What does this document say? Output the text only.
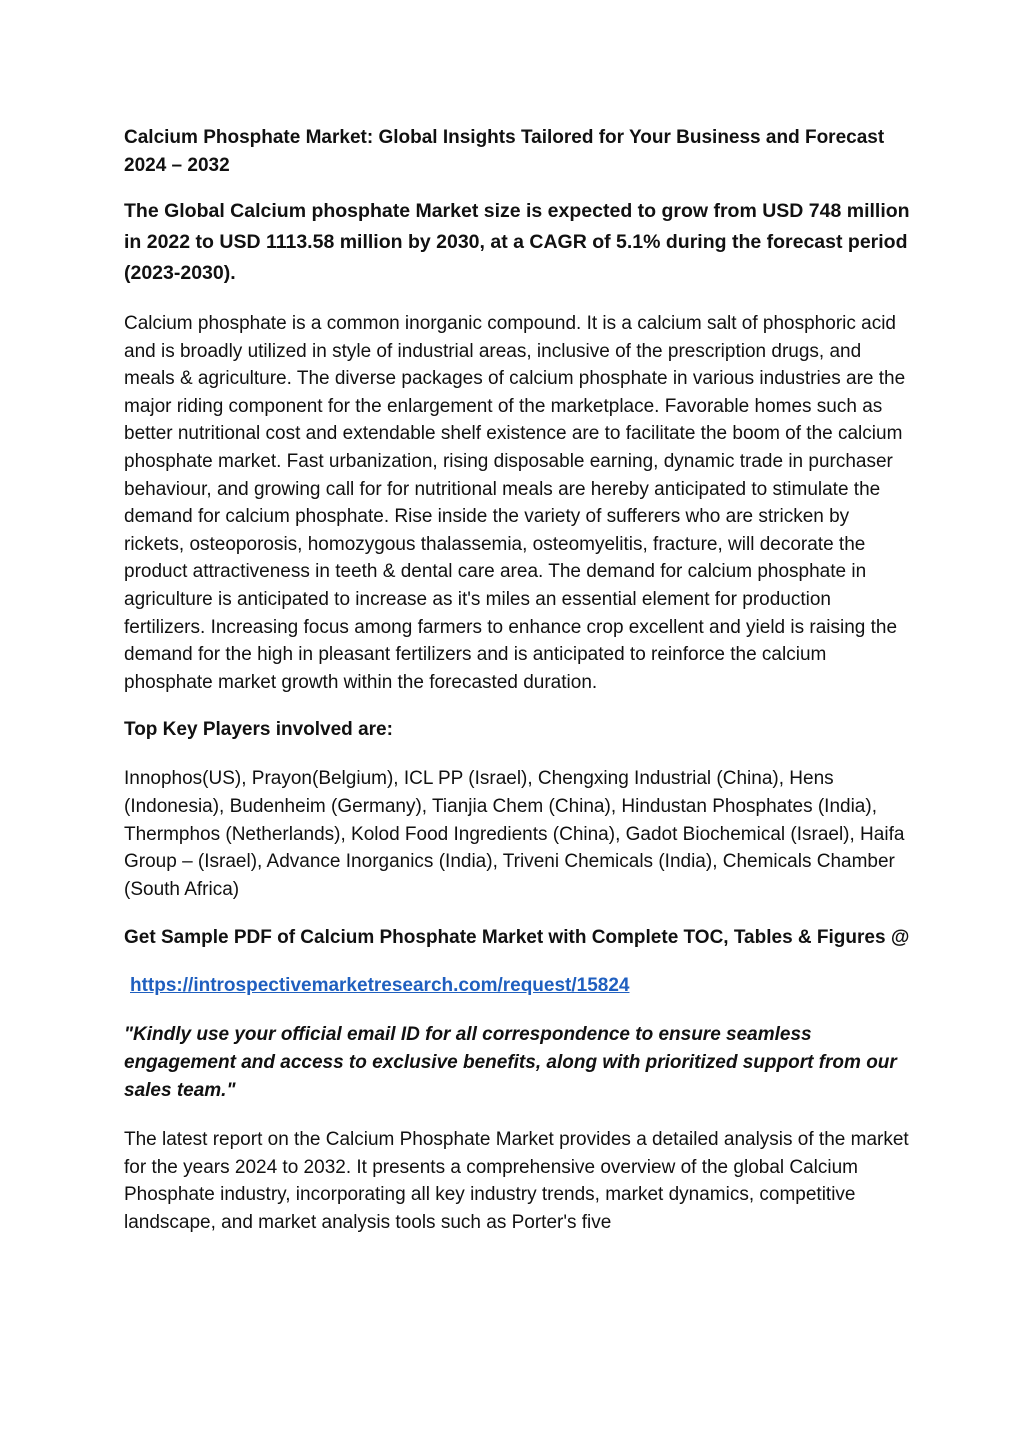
Calcium Phosphate Market: Global Insights Tailored for Your Business and Forecast 2024 – 2032

The Global Calcium phosphate Market size is expected to grow from USD 748 million in 2022 to USD 1113.58 million by 2030, at a CAGR of 5.1% during the forecast period (2023-2030).

Calcium phosphate is a common inorganic compound. It is a calcium salt of phosphoric acid and is broadly utilized in style of industrial areas, inclusive of the prescription drugs, and meals & agriculture. The diverse packages of calcium phosphate in various industries are the major riding component for the enlargement of the marketplace. Favorable homes such as better nutritional cost and extendable shelf existence are to facilitate the boom of the calcium phosphate market. Fast urbanization, rising disposable earning, dynamic trade in purchaser behaviour, and growing call for for nutritional meals are hereby anticipated to stimulate the demand for calcium phosphate. Rise inside the variety of sufferers who are stricken by rickets, osteoporosis, homozygous thalassemia, osteomyelitis, fracture, will decorate the product attractiveness in teeth & dental care area. The demand for calcium phosphate in agriculture is anticipated to increase as it's miles an essential element for production fertilizers. Increasing focus among farmers to enhance crop excellent and yield is raising the demand for the high in pleasant fertilizers and is anticipated to reinforce the calcium phosphate market growth within the forecasted duration.

Top Key Players involved are:

Innophos(US), Prayon(Belgium), ICL PP (Israel), Chengxing Industrial (China), Hens (Indonesia), Budenheim (Germany), Tianjia Chem (China), Hindustan Phosphates (India), Thermphos (Netherlands), Kolod Food Ingredients (China), Gadot Biochemical (Israel), Haifa Group – (Israel), Advance Inorganics (India), Triveni Chemicals (India), Chemicals Chamber (South Africa)

Get Sample PDF of Calcium Phosphate Market with Complete TOC, Tables & Figures @

https://introspectivemarketresearch.com/request/15824

"Kindly use your official email ID for all correspondence to ensure seamless engagement and access to exclusive benefits, along with prioritized support from our sales team."

The latest report on the Calcium Phosphate Market provides a detailed analysis of the market for the years 2024 to 2032. It presents a comprehensive overview of the global Calcium Phosphate industry, incorporating all key industry trends, market dynamics, competitive landscape, and market analysis tools such as Porter's five
